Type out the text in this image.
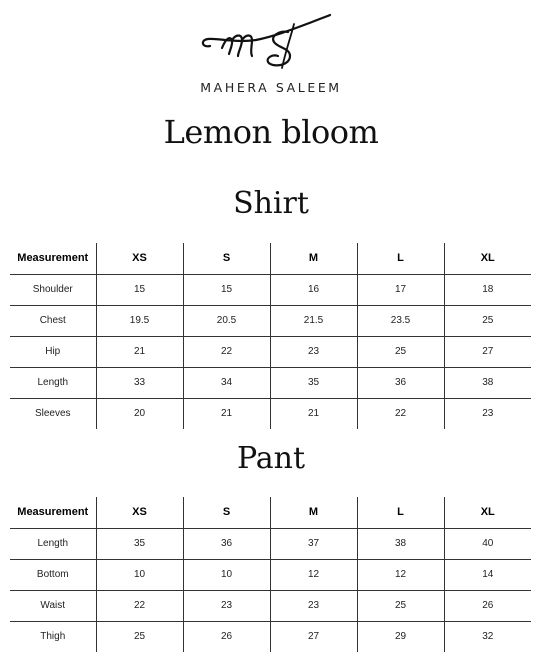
MAHERA SALEEM
Lemon bloom
Shirt
Measurement	XS	S	M	L	XL
Shoulder	15	15	16	17	18
Chest	19.5	20.5	21.5	23.5	25
Hip	21	22	23	25	27
Length	33	34	35	36	38
Sleeves	20	21	21	22	23
Pant
Measurement	XS	S	M	L	XL
Length	35	36	37	38	40
Bottom	10	10	12	12	14
Waist	22	23	23	25	26
Thigh	25	26	27	29	32
